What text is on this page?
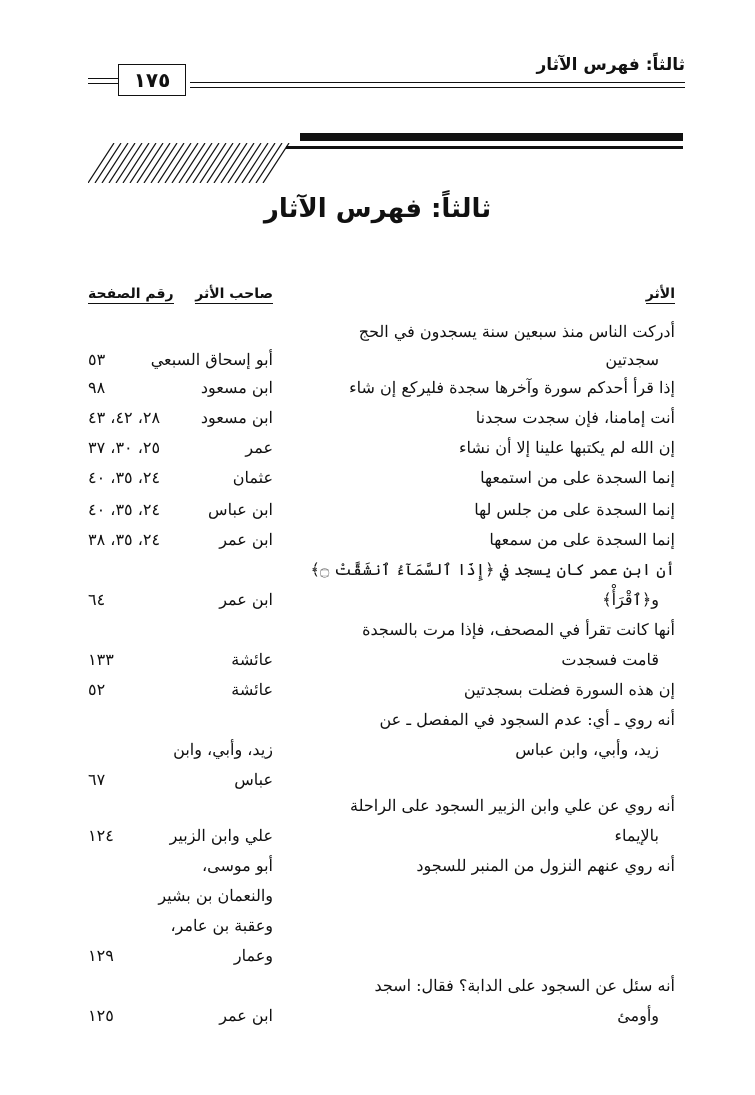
ثالثاً: فهرس الآثار
١٧٥
ثالثاً: فهرس الآثار
الأثر
صاحب الأثر
رقم الصفحة
أدركت الناس منذ سبعين سنة يسجدون في الحج
سجدتين
إذا قرأ أحدكم سورة وآخرها سجدة فليركع إن شاء
أنت إمامنا، فإن سجدت سجدنا
إن الله لم يكتبها علينا إلا أن نشاء
إنما السجدة على من استمعها
إنما السجدة على من جلس لها
إنما السجدة على من سمعها
أن ابن عمر كان يسجد في ﴿إِذَا ٱلسَّمَآءُ ٱنشَقَّتْ ۝﴾
و﴿ٱقْرَأْ﴾
أنها كانت تقرأ في المصحف، فإذا مرت بالسجدة
قامت فسجدت
إن هذه السورة فضلت بسجدتين
أنه روي ـ أي: عدم السجود في المفصل ـ عن
زيد، وأبي، وابن عباس
أنه روي عن علي وابن الزبير السجود على الراحلة
بالإيماء
أنه روي عنهم النزول من المنبر للسجود
أنه سئل عن السجود على الدابة؟ فقال: اسجد
وأومئ
أبو إسحاق السبعي
ابن مسعود
ابن مسعود
عمر
عثمان
ابن عباس
ابن عمر
ابن عمر
عائشة
عائشة
زيد، وأبي، وابن
عباس
علي وابن الزبير
أبو موسى،
والنعمان بن بشير
وعقبة بن عامر،
وعمار
ابن عمر
٥٣
٩٨
٢٨، ٤٢، ٤٣
٢٥، ٣٠، ٣٧
٢٤، ٣٥، ٤٠
٢٤، ٣٥، ٤٠
٢٤، ٣٥، ٣٨
٦٤
١٣٣
٥٢
٦٧
١٢٤
١٢٩
١٢٥
